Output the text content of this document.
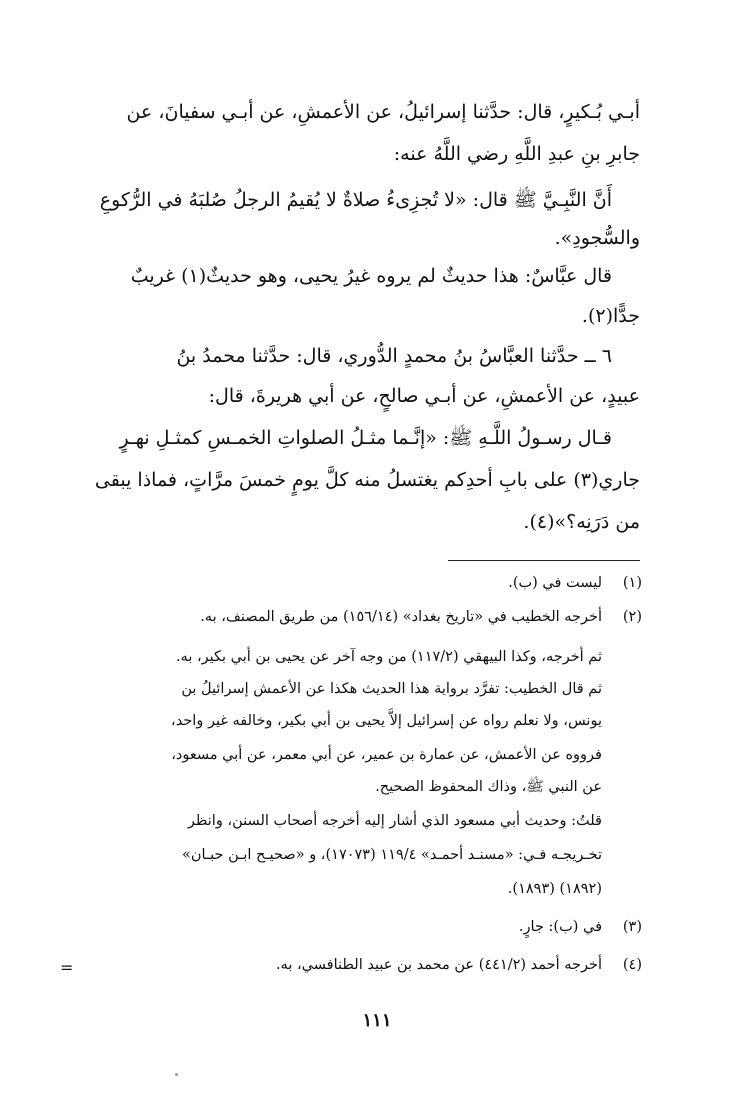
أبـي بُـكيرٍ، قال: حدَّثنا إسرائيلُ، عن الأعمشِ، عن أبـي سفيانَ، عن
جابرِ بنِ عبدِ اللَّهِ رضي اللَّهُ عنه:
أَنَّ النَّبِـيَّ ﷺ قال: «لا تُجزِىءُ صلاةٌ لا يُقيمُ الرجلُ صُلبَهُ في الرُّكوعِ
والسُّجودِ».
قال عبَّاسٌ: هذا حديثٌ لم يروه غيرُ يحيى، وهو حديثٌ(١) غريبٌ
جدًّا(٢).
٦ ــ حدَّثنا العبَّاسُ بنُ محمدٍ الدُّوري، قال: حدَّثنا محمدُ بنُ
عبيدٍ، عن الأعمشِ، عن أبـي صالحٍ، عن أبي هريرةَ، قال:
قـال رسـولُ اللَّـهِ ﷺ: «إنَّـما مثـلُ الصلواتِ الخمـسِ كمثـلِ نهـرٍ
جاري(٣) على بابِ أحدِكم يغتسلُ منه كلَّ يومٍ خمسَ مرَّاتٍ، فماذا يبقى
من دَرَنِه؟»(٤).
(١)ليست في (ب).
(٢)أخرجه الخطيب في «تاريخ بغداد» (١٥٦/١٤) من طريق المصنف، به.
ثم أخرجه، وكذا البيهقي (١١٧/٢) من وجه آخر عن يحيى بن أبي بكير، به.
ثم قال الخطيب: تفرَّد برواية هذا الحديث هكذا عن الأعمش إسرائيلُ بن
يونس، ولا نعلم رواه عن إسرائيل إلاَّ يحيى بن أبي بكير، وخالفه غير واحد،
فرووه عن الأعمش، عن عمارة بن عمير، عن أبي معمر، عن أبي مسعود،
عن النبي ﷺ، وذاك المحفوظ الصحيح.
قلتُ: وحديث أبي مسعود الذي أشار إليه أخرجه أصحاب السنن، وانظر
تخـريجـه فـي: «مسنـد أحمـد» ١١٩/٤ (١٧٠٧٣)، و «صحيـح ابـن حبـان»
(١٨٩٢) (١٨٩٣).
(٣)في (ب): جارٍ.
(٤)أخرجه أحمد (٤٤١/٢) عن محمد بن عبيد الطنافسي، به.
=
١١١
